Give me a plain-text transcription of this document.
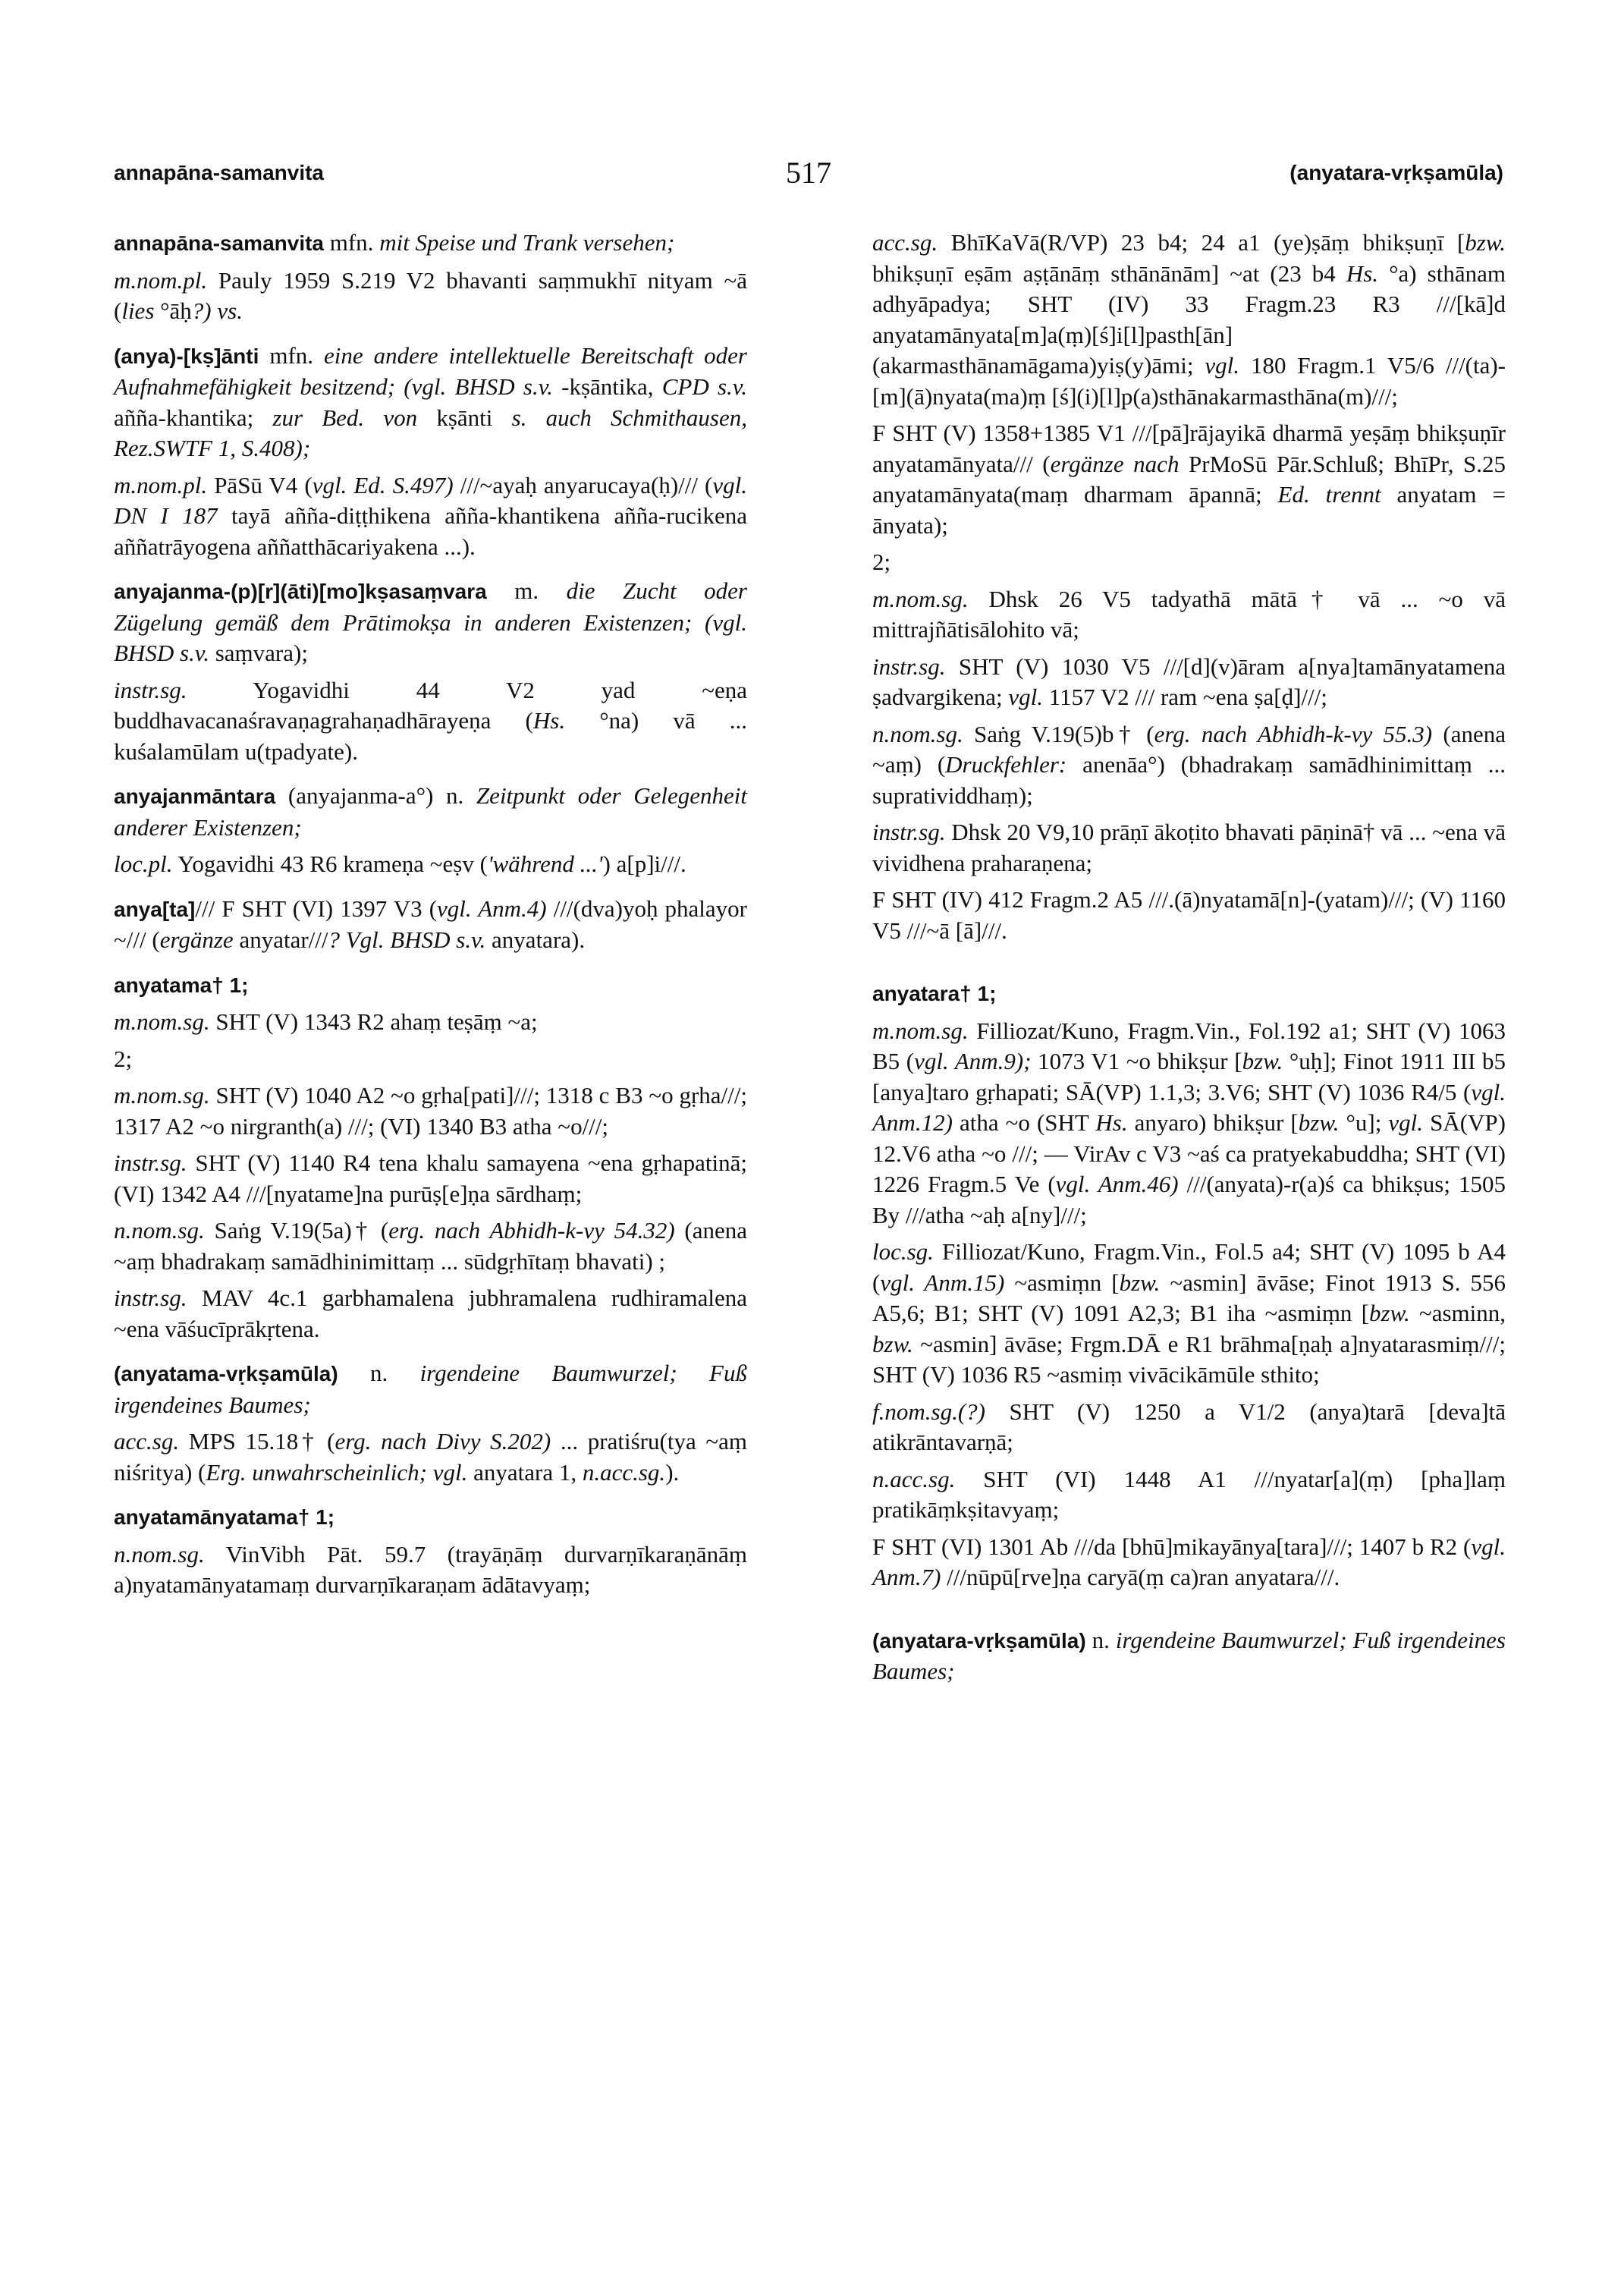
annapāna-samanvita	517	(anyatara-vṛkṣamūla)

annapāna-samanvita mfn. mit Speise und Trank versehen;

m.nom.pl. Pauly 1959 S.219 V2 bhavanti saṃmukhī nityam ~ā (lies °āḥ?) vs.

(anya)-[kṣ]ānti mfn. eine andere intellektuelle Bereitschaft oder Aufnahmefähigkeit besitzend; (vgl. BHSD s.v. -kṣāntika, CPD s.v. añña-khantika; zur Bed. von kṣānti s. auch Schmithausen, Rez.SWTF 1, S.408);

m.nom.pl. PāSū V4 (vgl. Ed. S.497) ///~ayaḥ anyarucaya(ḥ)/// (vgl. DN I 187 tayā añña-diṭṭhikena añña-khantikena añña-rucikena aññatrāyogena aññatthācariyakena ...).

anyajanma-(p)[r](āti)[mo]kṣasaṃvara m. die Zucht oder Zügelung gemäß dem Prātimokṣa in anderen Existenzen; (vgl. BHSD s.v. saṃvara);

instr.sg. Yogavidhi 44 V2 yad ~eṇa buddhavacanaśravaṇagrahaṇadhārayeṇa (Hs. °na) vā ... kuśalamūlam u(tpadyate).

anyajanmāntara (anyajanma-a°) n. Zeitpunkt oder Gelegenheit anderer Existenzen;

loc.pl. Yogavidhi 43 R6 krameṇa ~eṣv ('während ...') a[p]i///.

anya[ta]/// F SHT (VI) 1397 V3 (vgl. Anm.4) ///(dva)yoḥ phalayor ~/// (ergänze anyatar///? Vgl. BHSD s.v. anyatara).

anyatama† 1;

m.nom.sg. SHT (V) 1343 R2 ahaṃ teṣāṃ ~a;

2;

m.nom.sg. SHT (V) 1040 A2 ~o gṛha[pati]///; 1318 c B3 ~o gṛha///; 1317 A2 ~o nirgranth(a) ///; (VI) 1340 B3 atha ~o///;

instr.sg. SHT (V) 1140 R4 tena khalu samayena ~ena gṛhapatinā; (VI) 1342 A4 ///[nyatame]na purūṣ[e]ṇa sārdhaṃ;

n.nom.sg. Saṅg V.19(5a)† (erg. nach Abhidh-k-vy 54.32) (anena ~aṃ bhadrakaṃ samādhinimittaṃ ... sūdgṛhītaṃ bhavati) ;

instr.sg. MAV 4c.1 garbhamalena jubhramalena rudhiramalena ~ena vāśucīprākṛtena.

(anyatama-vṛkṣamūla) n. irgendeine Baumwurzel; Fuß irgendeines Baumes;

acc.sg. MPS 15.18† (erg. nach Divy S.202) ... pratiśru(tya ~aṃ niśritya) (Erg. unwahrscheinlich; vgl. anyatara 1, n.acc.sg.).

anyatamānyatama† 1;

n.nom.sg. VinVibh Pāt. 59.7 (trayāṇāṃ durvarṇīkaraṇānāṃ a)nyatamānyatamaṃ durvarṇīkaraṇam ādātavyaṃ;

acc.sg. BhīKaVā(R/VP) 23 b4; 24 a1 (ye)ṣāṃ bhikṣuṇī [bzw. bhikṣuṇī eṣām aṣṭānāṃ sthānānām] ~at (23 b4 Hs. °a) sthānam adhyāpadya; SHT (IV) 33 Fragm.23 R3 ///[kā]d anyatamānyata[m]a(ṃ)[ś]i[l]pasth[ān](akarmasthānamāgama)yiṣ(y)āmi; vgl. 180 Fragm.1 V5/6 ///(ta)-[m](ā)nyata(ma)ṃ [ś](i)[l]p(a)sthānakarmasthāna(m)///;

F SHT (V) 1358+1385 V1 ///[pā]rājayikā dharmā yeṣāṃ bhikṣuṇīr anyatamānyata/// (ergänze nach PrMoSū Pār.Schluß; BhīPr, S.25 anyatamānyata(maṃ dharmam āpannā; Ed. trennt anyatam = ānyata);

2;

m.nom.sg. Dhsk 26 V5 tadyathā mātā† vā ... ~o vā mittrajñātisālohito vā;

instr.sg. SHT (V) 1030 V5 ///[d](v)āram a[nya]tamānyatamena ṣadvargikena; vgl. 1157 V2 /// ram ~ena ṣa[ḍ]///;

n.nom.sg. Saṅg V.19(5)b† (erg. nach Abhidh-k-vy 55.3) (anena ~aṃ) (Druckfehler: anenāa°) (bhadrakaṃ samādhinimittaṃ ... supratividdhaṃ);

instr.sg. Dhsk 20 V9,10 prāṇī ākoṭito bhavati pāṇinā† vā ... ~ena vā vividhena praharaṇena;

F SHT (IV) 412 Fragm.2 A5 ///.(ā)nyatamā[n]-(yatam)///; (V) 1160 V5 ///~ā [ā]///.

anyatara† 1;

m.nom.sg. Filliozat/Kuno, Fragm.Vin., Fol.192 a1; SHT (V) 1063 B5 (vgl. Anm.9); 1073 V1 ~o bhikṣur [bzw. °uḥ]; Finot 1911 III b5 [anya]taro gṛhapati; SĀ(VP) 1.1,3; 3.V6; SHT (V) 1036 R4/5 (vgl. Anm.12) atha ~o (SHT Hs. anyaro) bhikṣur [bzw. °u]; vgl. SĀ(VP) 12.V6 atha ~o ///; — VirAv c V3 ~aś ca pratyekabuddha; SHT (VI) 1226 Fragm.5 Ve (vgl. Anm.46) ///(anyata)-r(a)ś ca bhikṣus; 1505 By ///atha ~aḥ a[ny]///;

loc.sg. Filliozat/Kuno, Fragm.Vin., Fol.5 a4; SHT (V) 1095 b A4 (vgl. Anm.15) ~asmiṃn [bzw. ~asmin] āvāse; Finot 1913 S. 556 A5,6; B1; SHT (V) 1091 A2,3; B1 iha ~asmiṃn [bzw. ~asminn, bzw. ~asmin] āvāse; Frgm.DĀ e R1 brāhma[ṇaḥ a]nyatarasmiṃ///; SHT (V) 1036 R5 ~asmiṃ vivācikāmūle sthito;

f.nom.sg.(?) SHT (V) 1250 a V1/2 (anya)tarā [deva]tā atikrāntavarṇā;

n.acc.sg. SHT (VI) 1448 A1 ///nyatar[a](ṃ) [pha]laṃ pratikāṃkṣitavyaṃ;

F SHT (VI) 1301 Ab ///da [bhū]mikayānya[tara]///; 1407 b R2 (vgl. Anm.7) ///nūpū[rve]ṇa caryā(ṃ ca)ran anyatara///.

(anyatara-vṛkṣamūla) n. irgendeine Baumwurzel; Fuß irgendeines Baumes;
